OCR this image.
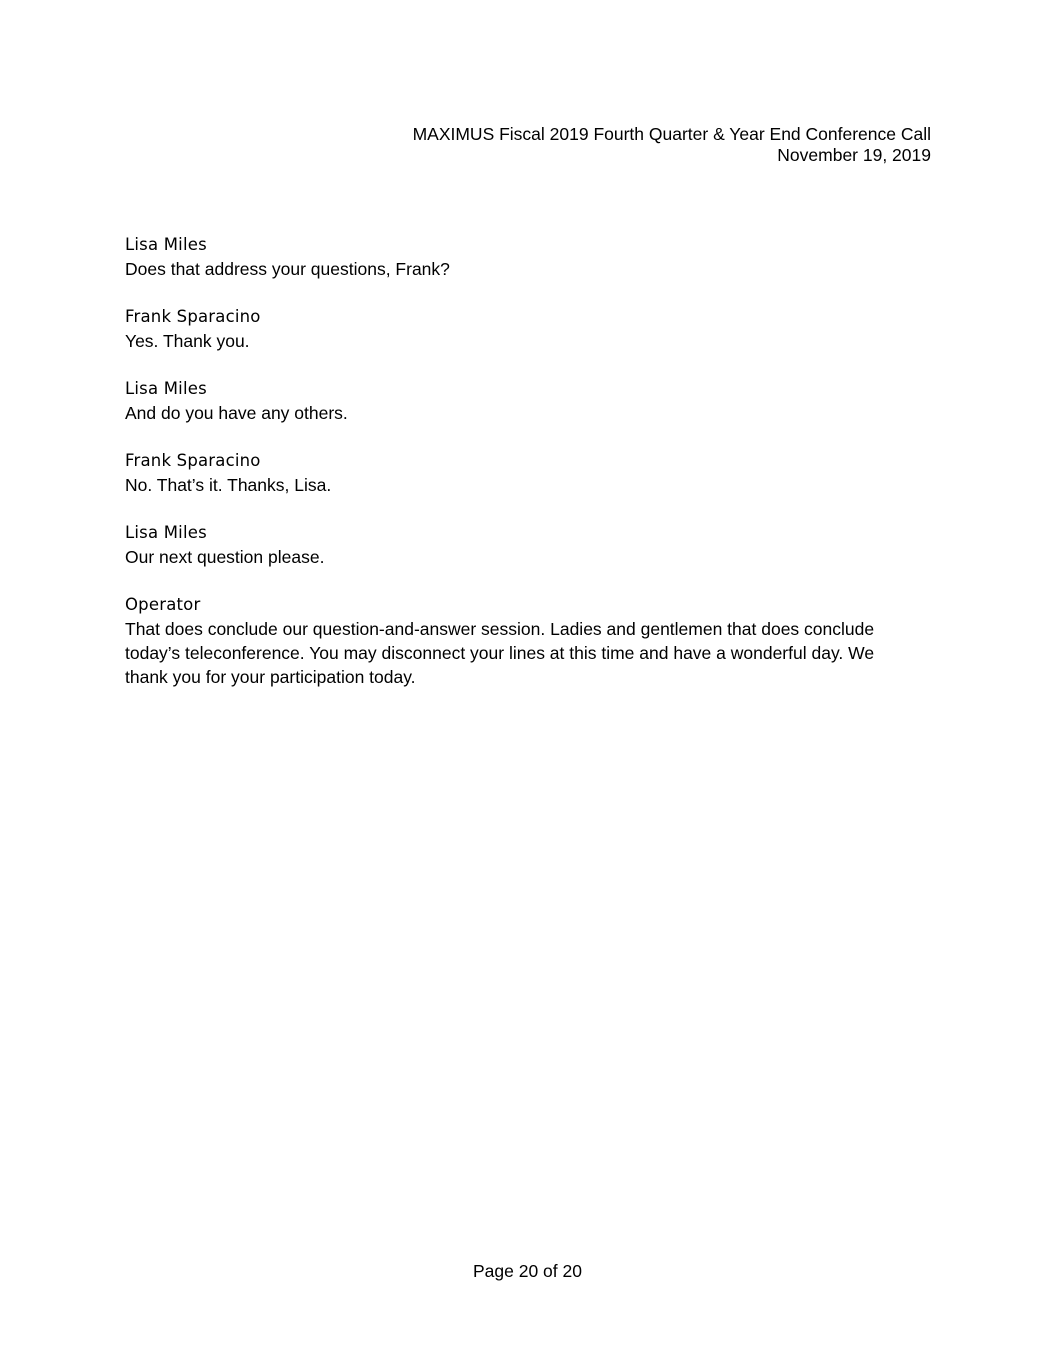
MAXIMUS Fiscal 2019 Fourth Quarter & Year End Conference Call
November 19, 2019
Lisa Miles
Does that address your questions, Frank?
Frank Sparacino
Yes. Thank you.
Lisa Miles
And do you have any others.
Frank Sparacino
No. That’s it. Thanks, Lisa.
Lisa Miles
Our next question please.
Operator
That does conclude our question-and-answer session. Ladies and gentlemen that does conclude
today’s teleconference. You may disconnect your lines at this time and have a wonderful day. We
thank you for your participation today.
Page 20 of 20
